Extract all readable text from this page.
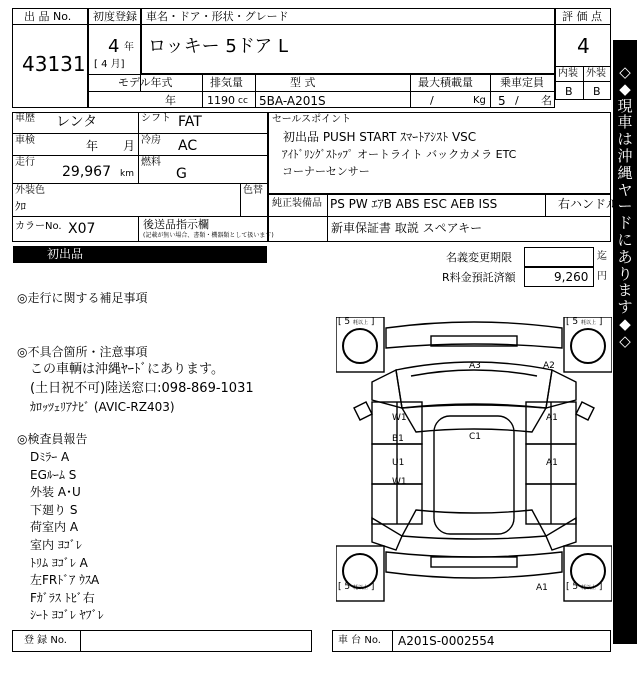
出 品 No.
43131
初度登録
4 年
[ 4 月]
車名・ドア・形状・グレード
ロッキー 5ドア L
モデル年式
年
排気量
1190 cc
型 式
5BA-A201S
最大積載量
/	Kg
乗車定員
5 / 名
評 価 点
4
内装 外装
B B
◇
◆
現
車
は
沖
縄
ヤ
ー
ド
に
あ
り
ま
す
◆
◇
車歴 レンタ	シフト FAT
車検	年 月 冷房 AC
走行
29,967 km
燃料
G
外装色
ｸﾛ
色替
カラーNo. X07	後送品指示欄
(記載が無い場合、書類・機器類として扱います)
セールスポイント
初出品 PUSH START ｽﾏｰﾄｱｼｽﾄ VSC
ｱｲﾄﾞﾘﾝｸﾞｽﾄｯﾌﾟ オートライト バックカメラ ETC
コーナーセンサー
純正装備品 PS PW ｴｱB ABS ESC AEB ISS	右ハンドル
新車保証書 取説 スペアキー
初出品	名義変更期限	迄
R料金預託済額	9,260 円
◎走行に関する補足事項
◎不具合箇所・注意事項
この車輌は沖縄ﾔｰﾄﾞにあります。
(土日祝不可)陸送窓口:098-869-1031
ｶﾛｯﾂｪﾘｱﾅﾋﾞ (AVIC-RZ403)
◎検査員報告
Dﾐﾗｰ A
EGﾙｰﾑ S
外装 A･U
下廻り S
荷室内 A
室内 ﾖｺﾞﾚ
ﾄﾘﾑ ﾖｺﾞﾚ A
左FRﾄﾞｱ ｳｽA
Fｶﾞﾗｽ ﾄﾋﾞ右
ｼｰﾄ ﾖｺﾞﾚ ﾔﾌﾞﾚ
[ 5 粍以上 ]	[ 5 粍以上 ]
[ 5 粍以上 ]	[ 5 粍以上 ]
A3	A2
W1
B1	C1
A1
U1
W1
A1
A1
登 録 No.	車 台 No. A201S-0002554
